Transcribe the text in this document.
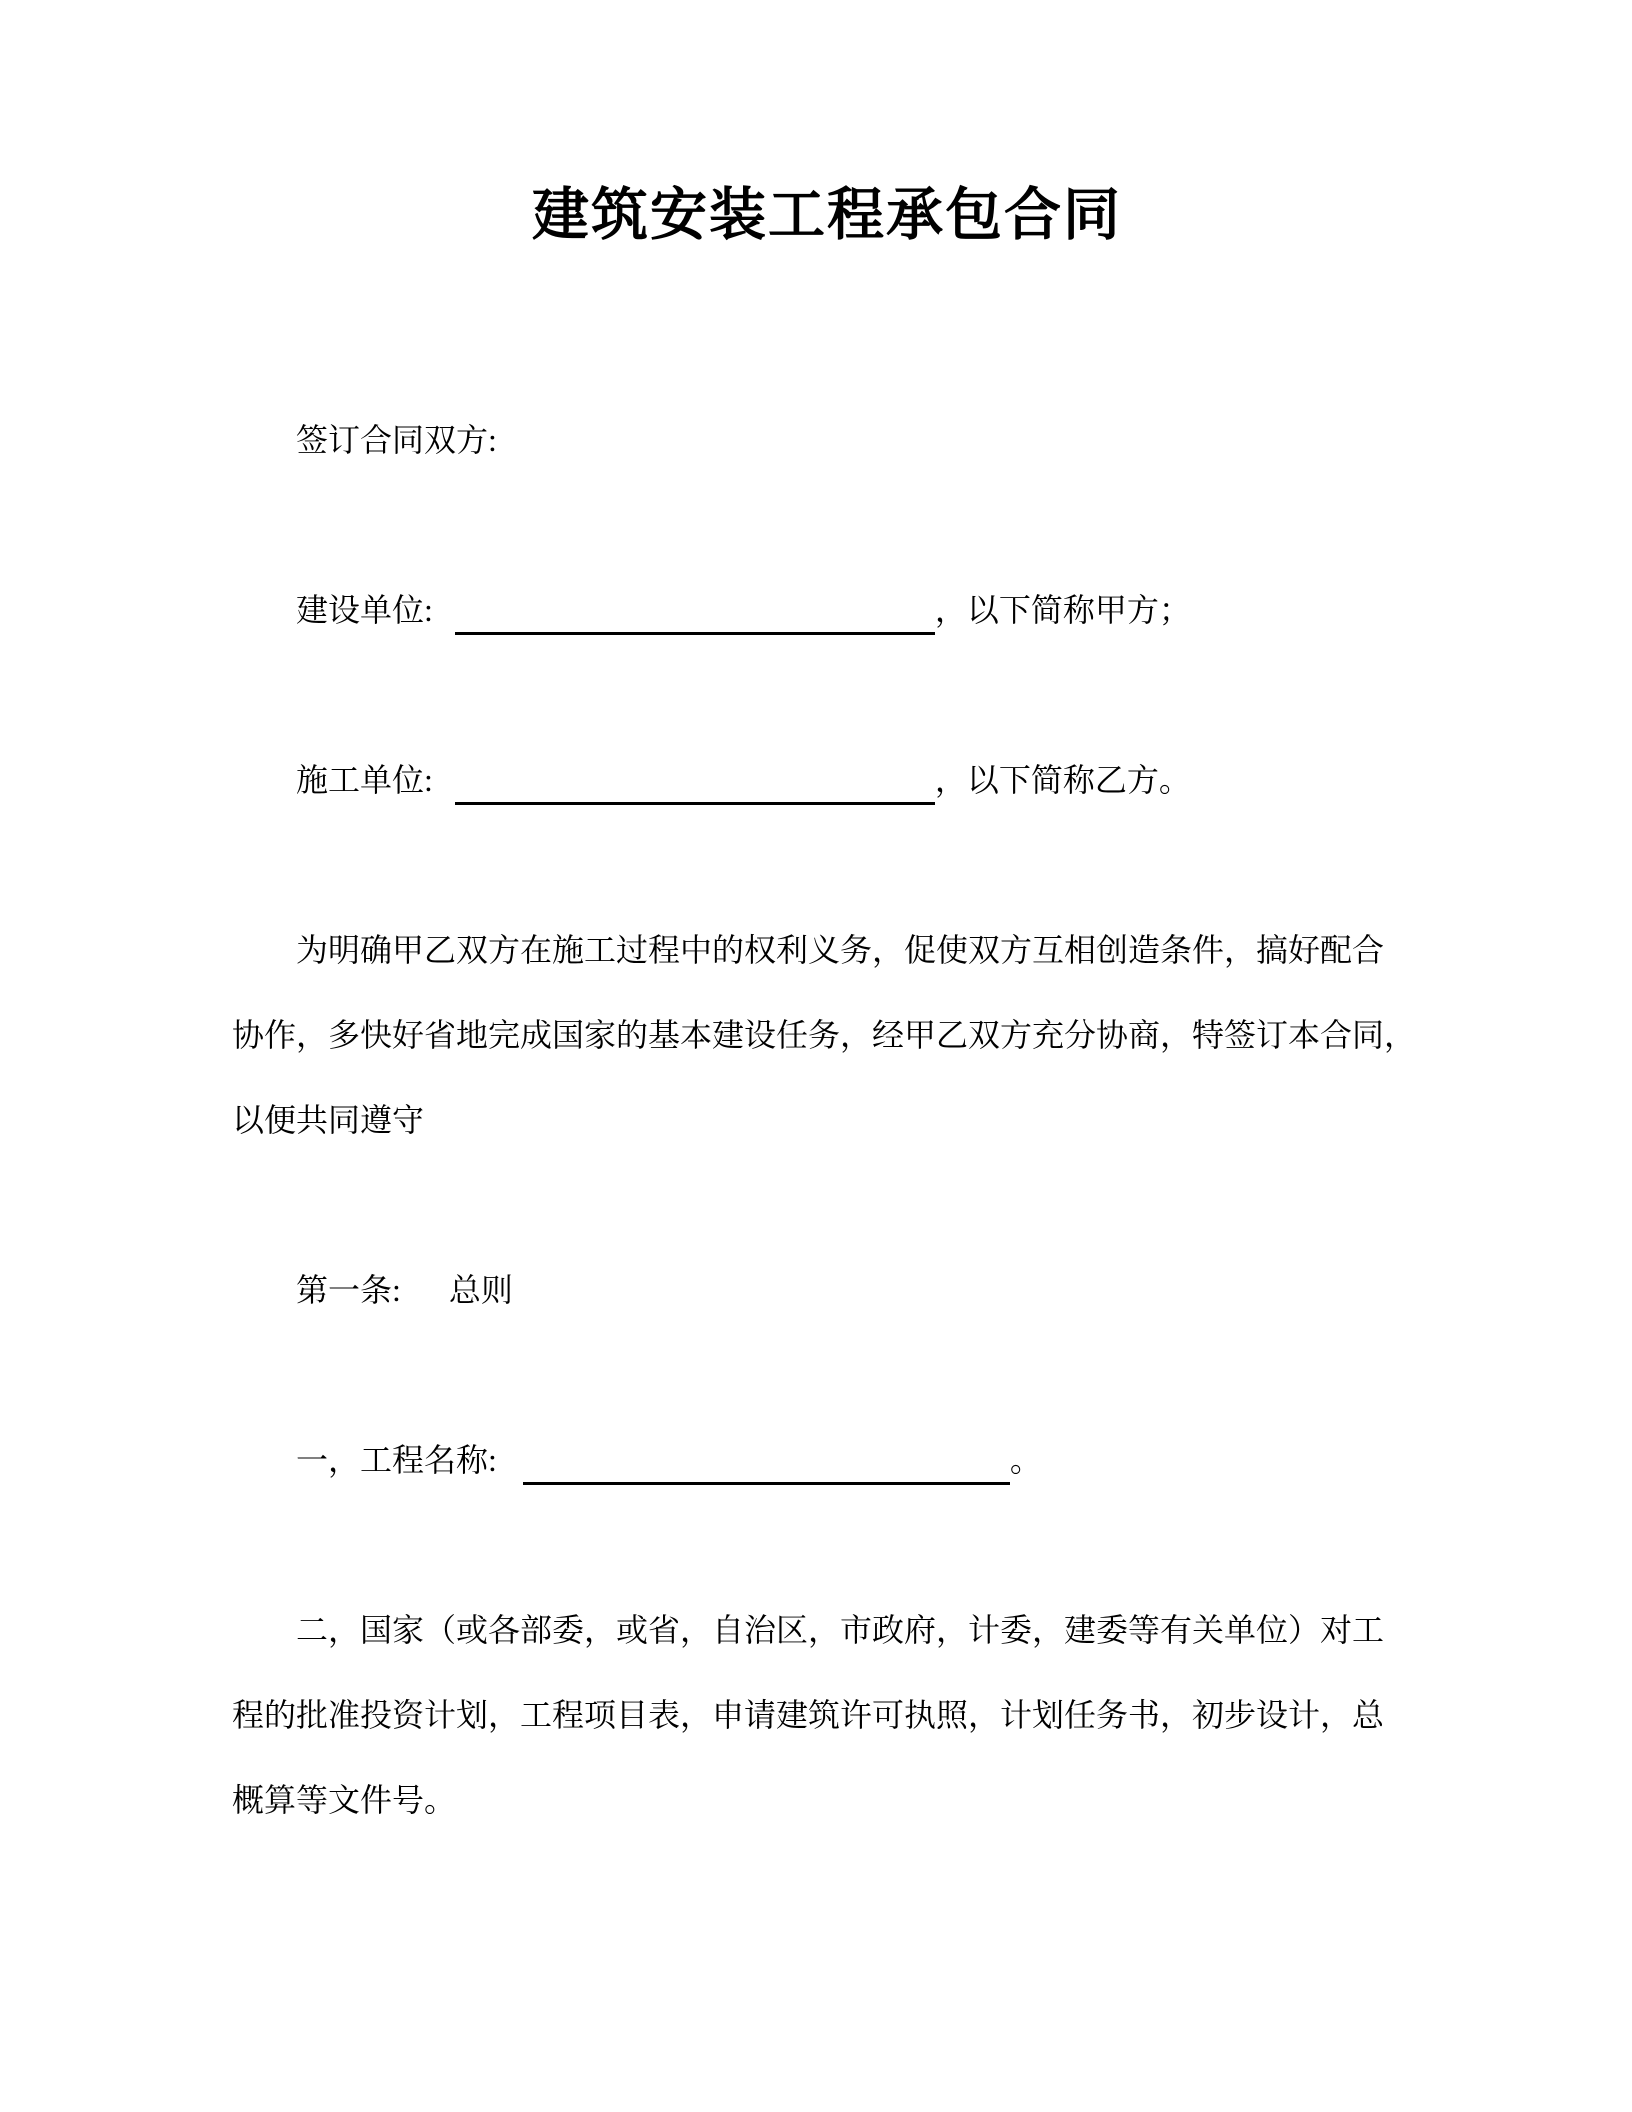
建筑安装工程承包合同

签订合同双方:

建设单位:	，以下简称甲方；

施工单位:	，以下简称乙方。

为明确甲乙双方在施工过程中的权利义务，促使双方互相创造条件，搞好配合
协作，多快好省地完成国家的基本建设任务，经甲乙双方充分协商，特签订本合同，
以便共同遵守

第一条: 总则

一，工程名称:	。

二，国家（或各部委，或省，自治区，市政府，计委，建委等有关单位）对工
程的批准投资计划，工程项目表，申请建筑许可执照，计划任务书，初步设计，总
概算等文件号。
